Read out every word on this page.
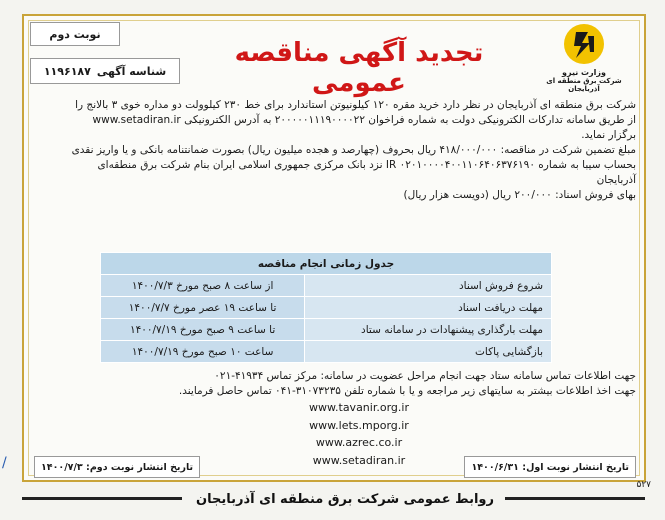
نوبت دوم
شناسه آگهی
۱۱۹۶۱۸۷	وزارت نیرو
شرکت برق منطقه ای آذربایجان
تجدید آگهی مناقصه عمومی

شرکت برق منطقه ای آذربایجان در نظر دارد خرید مقره ۱۲۰ کیلونیوتن استاندارد برای خط ۲۳۰ کیلوولت دو مداره خوی ۳ بالانج را

از طریق سامانه تدارکات الکترونیکی دولت به شماره فراخوان ۲۰۰۰۰۰۱۱۱۹۰۰۰۰۲۲ به آدرس الکترونیکی www.setadiran.ir

برگزار نماید.

مبلغ تضمین شرکت در مناقصه: ۴۱۸/۰۰۰/۰۰۰ ریال بحروف (چهارصد و هجده میلیون ریال) بصورت ضمانتنامه بانکی و یا واریز نقدی

بحساب سیبا به شماره IR ۰۲۰۱۰۰۰۰۴۰۰۱۱۰۶۴۰۶۳۷۶۱۹۰ نزد بانک مرکزی جمهوری اسلامی ایران بنام شرکت برق منطقه‌ای

آذربایجان

بهای فروش اسناد: ۲۰۰/۰۰۰ ریال (دویست هزار ریال)

جدول زمانی انجام مناقصه	
شروع فروش اسناد	از ساعت ۸ صبح مورخ ۱۴۰۰/۷/۳
مهلت دریافت اسناد	تا ساعت ۱۹ عصر مورخ ۱۴۰۰/۷/۷
مهلت بارگذاری پیشنهادات در سامانه ستاد	تا ساعت ۹ صبح مورخ ۱۴۰۰/۷/۱۹
بازگشایی پاکات	ساعت ۱۰ صبح مورخ ۱۴۰۰/۷/۱۹

جهت اطلاعات تماس سامانه ستاد جهت انجام مراحل عضویت در سامانه: مرکز تماس ۴۱۹۳۴-۰۲۱

جهت اخذ اطلاعات بیشتر به سایتهای زیر مراجعه و یا با شماره تلفن ۳۱۰۷۳۲۳۵-۰۴۱ تماس حاصل فرمایند.

www.tavanir.org.ir
www.lets.mporg.ir
www.azrec.co.ir
www.setadiran.ir
تاریخ انتشار نوبت دوم:

۱۴۰۰/۷/۳	تاریخ انتشار نوبت اول:

۱۴۰۰/۶/۳۱
۵۲۷
روابط عمومی شرکت برق منطقه ای آذربایجان
/
